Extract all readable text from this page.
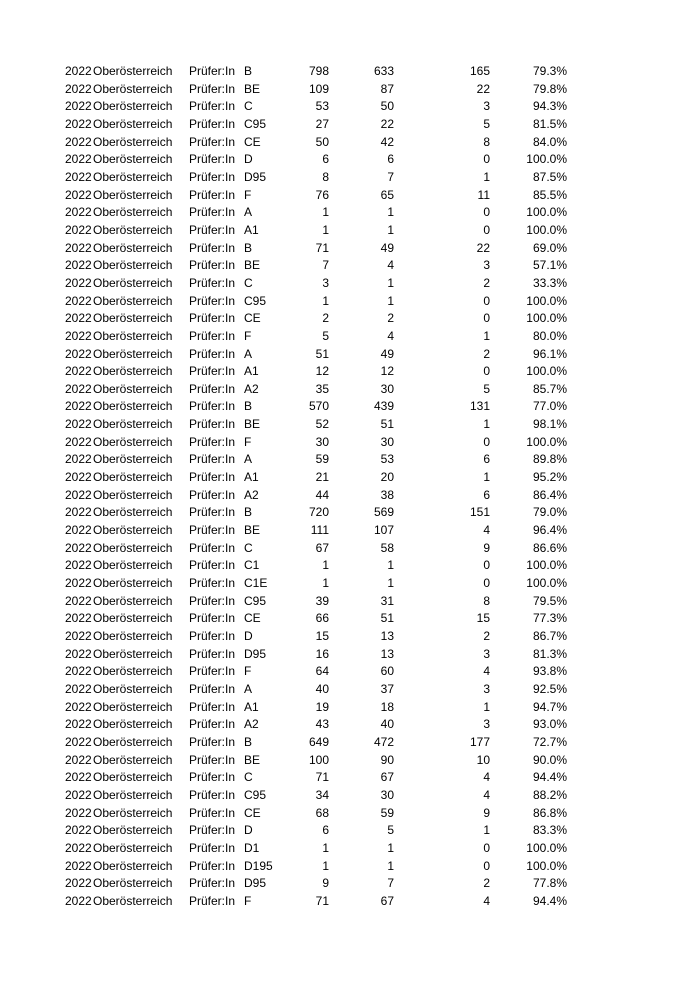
2022 Oberösterreich Prüfer:In B	798	633	165	79.3%
2022 Oberösterreich Prüfer:In BE	109	87	22	79.8%
2022 Oberösterreich Prüfer:In C	53	50	3	94.3%
2022 Oberösterreich Prüfer:In C95	27	22	5	81.5%
2022 Oberösterreich Prüfer:In CE	50	42	8	84.0%
2022 Oberösterreich Prüfer:In D	6	6	0	100.0%
2022 Oberösterreich Prüfer:In D95	8	7	1	87.5%
2022 Oberösterreich Prüfer:In F	76	65	11	85.5%
2022 Oberösterreich Prüfer:In A	1	1	0	100.0%
2022 Oberösterreich Prüfer:In A1	1	1	0	100.0%
2022 Oberösterreich Prüfer:In B	71	49	22	69.0%
2022 Oberösterreich Prüfer:In BE	7	4	3	57.1%
2022 Oberösterreich Prüfer:In C	3	1	2	33.3%
2022 Oberösterreich Prüfer:In C95	1	1	0	100.0%
2022 Oberösterreich Prüfer:In CE	2	2	0	100.0%
2022 Oberösterreich Prüfer:In F	5	4	1	80.0%
2022 Oberösterreich Prüfer:In A	51	49	2	96.1%
2022 Oberösterreich Prüfer:In A1	12	12	0	100.0%
2022 Oberösterreich Prüfer:In A2	35	30	5	85.7%
2022 Oberösterreich Prüfer:In B	570	439	131	77.0%
2022 Oberösterreich Prüfer:In BE	52	51	1	98.1%
2022 Oberösterreich Prüfer:In F	30	30	0	100.0%
2022 Oberösterreich Prüfer:In A	59	53	6	89.8%
2022 Oberösterreich Prüfer:In A1	21	20	1	95.2%
2022 Oberösterreich Prüfer:In A2	44	38	6	86.4%
2022 Oberösterreich Prüfer:In B	720	569	151	79.0%
2022 Oberösterreich Prüfer:In BE	111	107	4	96.4%
2022 Oberösterreich Prüfer:In C	67	58	9	86.6%
2022 Oberösterreich Prüfer:In C1	1	1	0	100.0%
2022 Oberösterreich Prüfer:In C1E	1	1	0	100.0%
2022 Oberösterreich Prüfer:In C95	39	31	8	79.5%
2022 Oberösterreich Prüfer:In CE	66	51	15	77.3%
2022 Oberösterreich Prüfer:In D	15	13	2	86.7%
2022 Oberösterreich Prüfer:In D95	16	13	3	81.3%
2022 Oberösterreich Prüfer:In F	64	60	4	93.8%
2022 Oberösterreich Prüfer:In A	40	37	3	92.5%
2022 Oberösterreich Prüfer:In A1	19	18	1	94.7%
2022 Oberösterreich Prüfer:In A2	43	40	3	93.0%
2022 Oberösterreich Prüfer:In B	649	472	177	72.7%
2022 Oberösterreich Prüfer:In BE	100	90	10	90.0%
2022 Oberösterreich Prüfer:In C	71	67	4	94.4%
2022 Oberösterreich Prüfer:In C95	34	30	4	88.2%
2022 Oberösterreich Prüfer:In CE	68	59	9	86.8%
2022 Oberösterreich Prüfer:In D	6	5	1	83.3%
2022 Oberösterreich Prüfer:In D1	1	1	0	100.0%
2022 Oberösterreich Prüfer:In D195	1	1	0	100.0%
2022 Oberösterreich Prüfer:In D95	9	7	2	77.8%
2022 Oberösterreich Prüfer:In F	71	67	4	94.4%
